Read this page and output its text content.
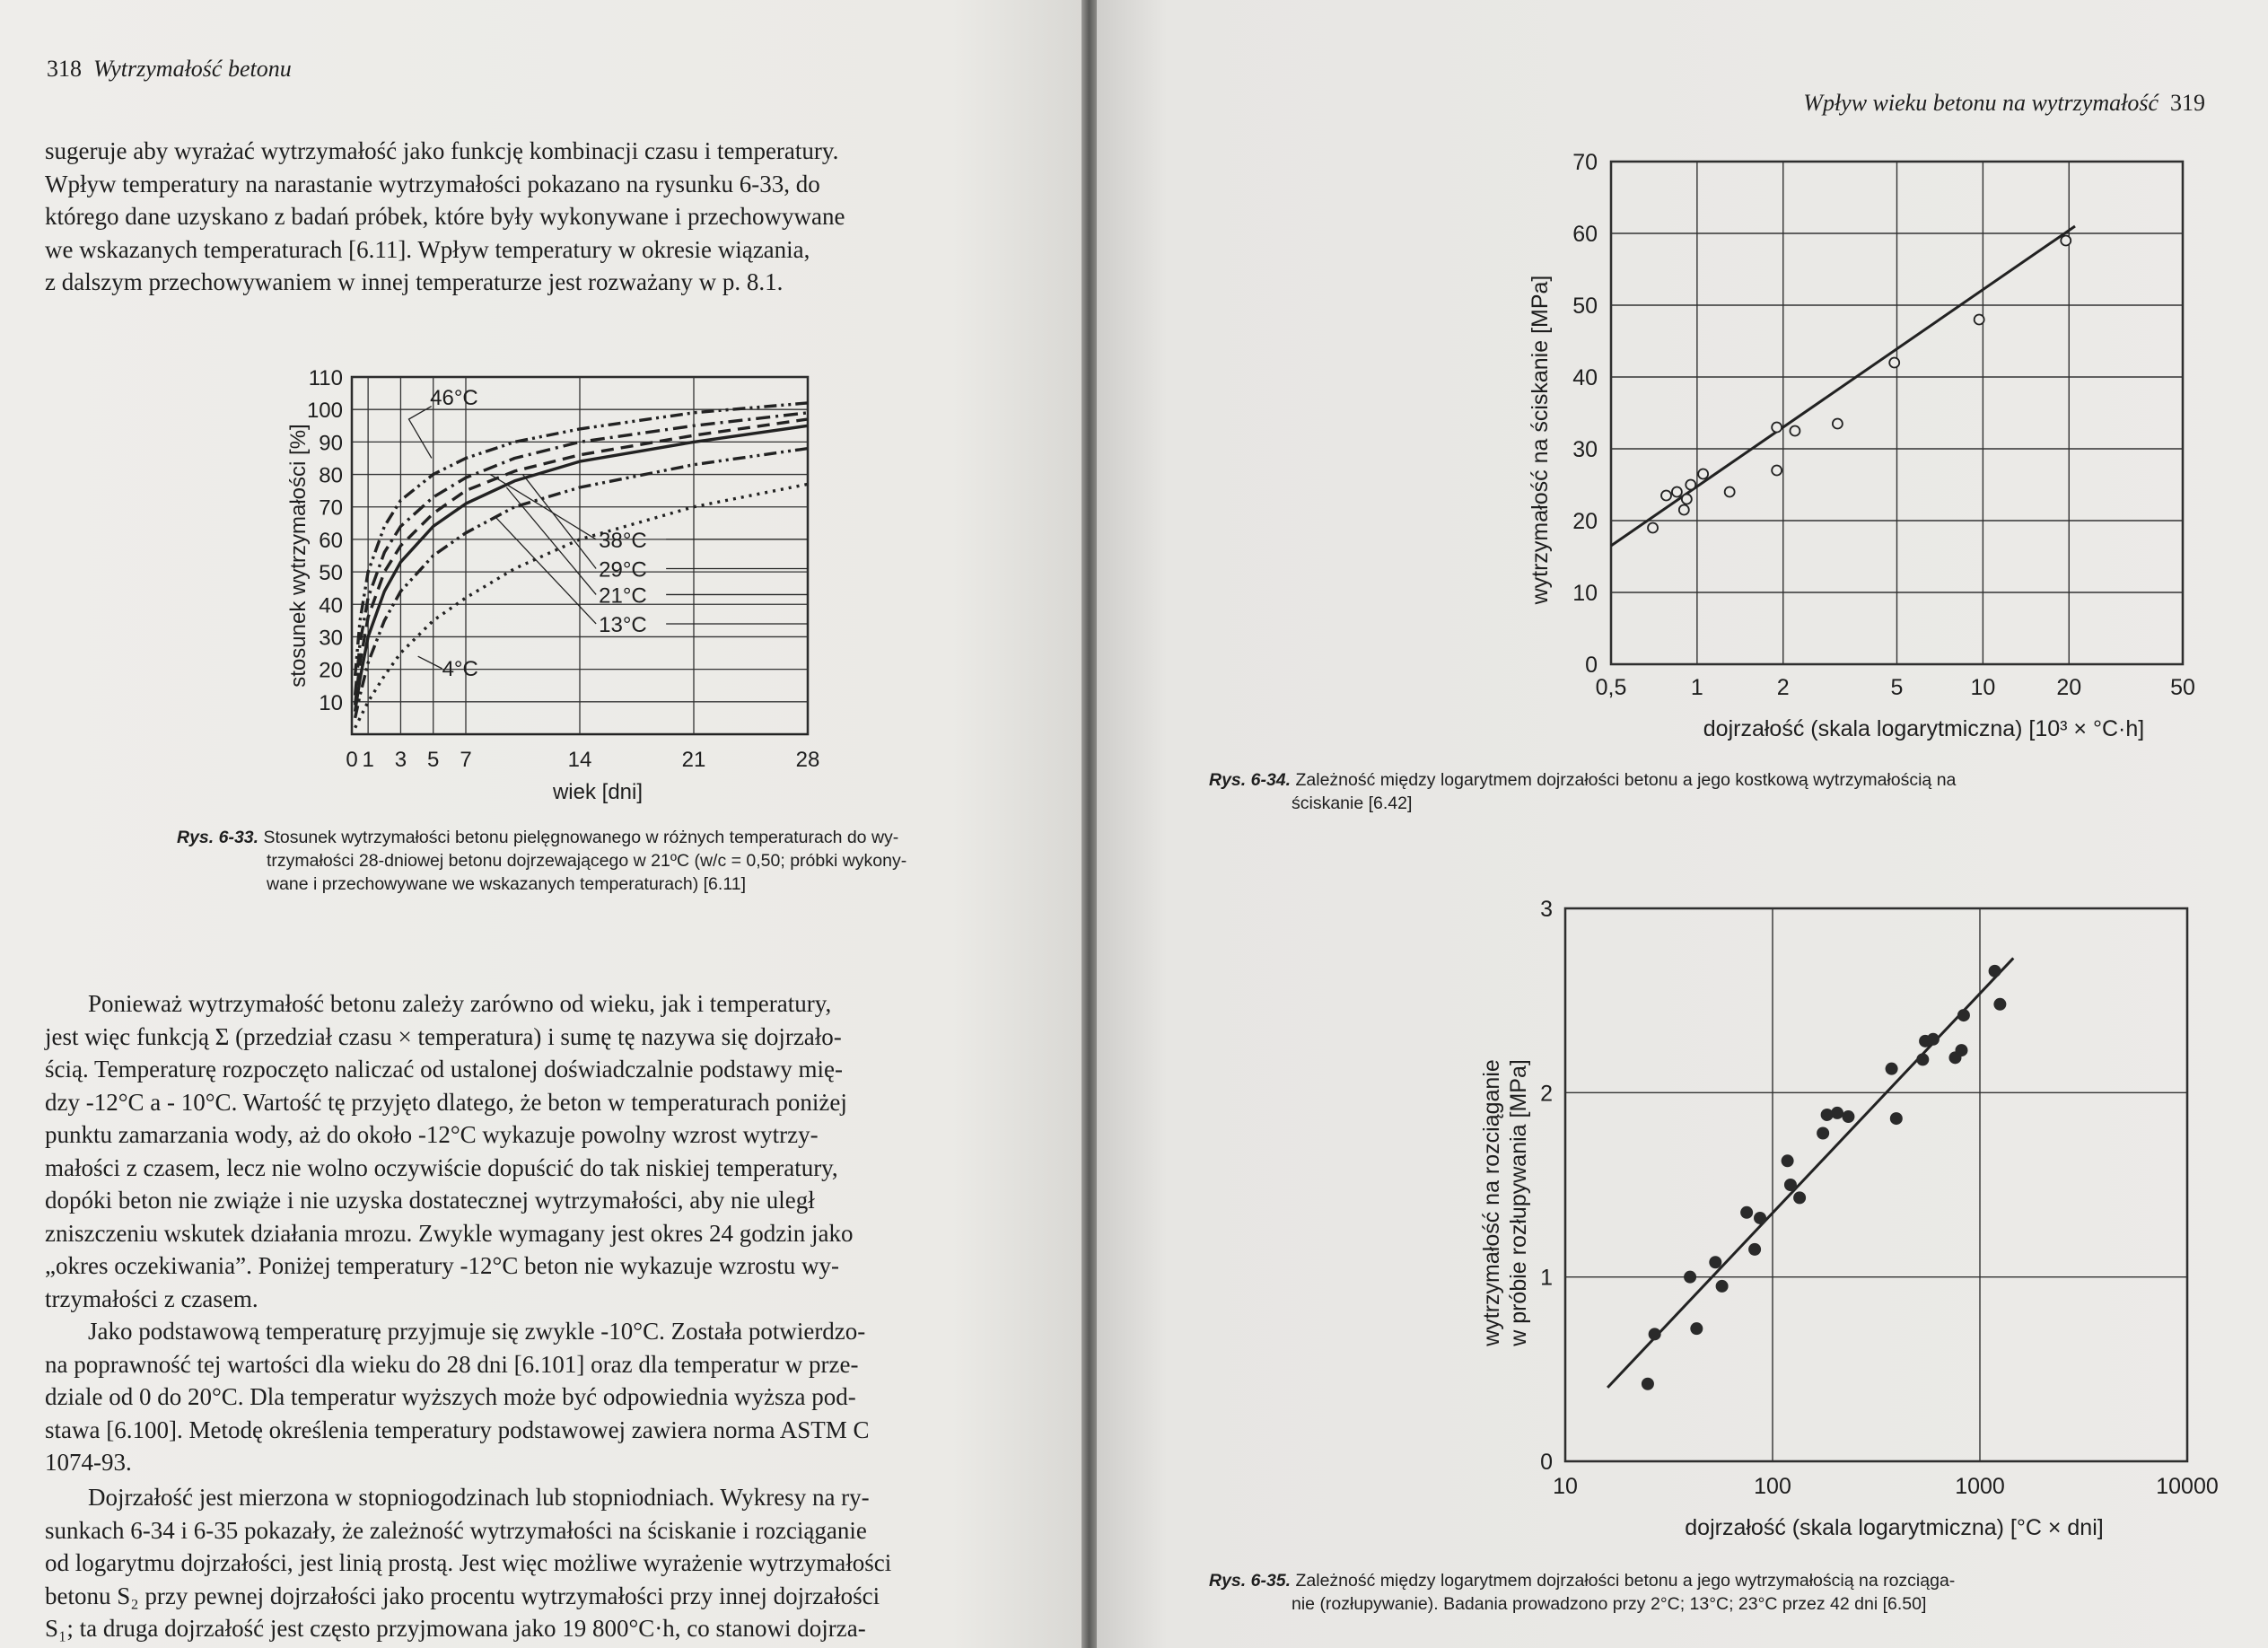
318 Wytrzymałość betonu
sugeruje aby wyrażać wytrzymałość jako funkcję kombinacji czasu i temperatury.
Wpływ temperatury na narastanie wytrzymałości pokazano na rysunku 6-33, do
którego dane uzyskano z badań próbek, które były wykonywane i przechowywane
we wskazanych temperaturach [6.11]. Wpływ temperatury w okresie wiązania,
z dalszym przechowywaniem w innej temperaturze jest rozważany w p. 8.1.
10
20
30
40
50
60
70
80
90
100
110
0 1 3 5 7	14	21	28
wiek [dni]
stosunek wytrzymałości [%]
46°C
38°C
29°C
21°C
13°C
4°C
Rys. 6-33. Stosunek wytrzymałości betonu pielęgnowanego w różnych temperaturach do wy-
trzymałości 28-dniowej betonu dojrzewającego w 21ºC (w/c = 0,50; próbki wykony-
wane i przechowywane we wskazanych temperaturach) [6.11]
Ponieważ wytrzymałość betonu zależy zarówno od wieku, jak i temperatury,
jest więc funkcją Σ (przedział czasu × temperatura) i sumę tę nazywa się dojrzało-
ścią. Temperaturę rozpoczęto naliczać od ustalonej doświadczalnie podstawy mię-
dzy -12°C a - 10°C. Wartość tę przyjęto dlatego, że beton w temperaturach poniżej
punktu zamarzania wody, aż do około -12°C wykazuje powolny wzrost wytrzy-
małości z czasem, lecz nie wolno oczywiście dopuścić do tak niskiej temperatury,
dopóki beton nie zwiąże i nie uzyska dostatecznej wytrzymałości, aby nie uległ
zniszczeniu wskutek działania mrozu. Zwykle wymagany jest okres 24 godzin jako
„okres oczekiwania”. Poniżej temperatury -12°C beton nie wykazuje wzrostu wy-
trzymałości z czasem.
Jako podstawową temperaturę przyjmuje się zwykle -10°C. Została potwierdzo-
na poprawność tej wartości dla wieku do 28 dni [6.101] oraz dla temperatur w prze-
dziale od 0 do 20°C. Dla temperatur wyższych może być odpowiednia wyższa pod-
stawa [6.100]. Metodę określenia temperatury podstawowej zawiera norma ASTM C
1074-93.
Dojrzałość jest mierzona w stopniogodzinach lub stopniodniach. Wykresy na ry-
sunkach 6-34 i 6-35 pokazały, że zależność wytrzymałości na ściskanie i rozciąganie
od logarytmu dojrzałości, jest linią prostą. Jest więc możliwe wyrażenie wytrzymałości
betonu S₂ przy pewnej dojrzałości jako procentu wytrzymałości przy innej dojrzałości
S₁; ta druga dojrzałość jest często przyjmowana jako 19 800°C·h, co stanowi dojrza-
Wpływ wieku betonu na wytrzymałość 319
0
10
20
30
40
50
60
70
0,5	1	2	5	10	20	50
dojrzałość (skala logarytmiczna) [10³ × °C·h]
wytrzymałość na ściskanie [MPa]
Rys. 6-34. Zależność między logarytmem dojrzałości betonu a jego kostkową wytrzymałością na
ściskanie [6.42]
0
1
2
3
10	100	1000	10000
dojrzałość (skala logarytmiczna) [°C × dni]
wytrzymałość na rozciąganie w próbie rozłupywania [MPa]
Rys. 6-35. Zależność między logarytmem dojrzałości betonu a jego wytrzymałością na rozciąga-
nie (rozłupywanie). Badania prowadzono przy 2°C; 13°C; 23°C przez 42 dni [6.50]
